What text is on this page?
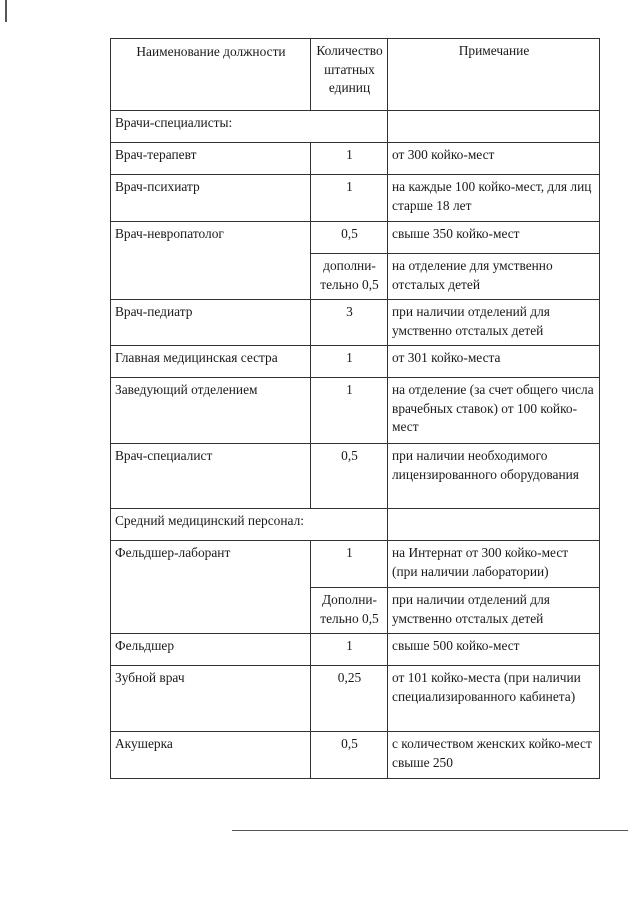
Наименование должности	Количество штатных единиц	Примечание
Врачи-специалисты:		
Врач-терапевт	1	от 300 койко-мест
Врач-психиатр	1	на каждые 100 койко-мест, для лиц старше 18 лет
Врач-невропатолог	0,5	свыше 350 койко-мест
	дополни-тельно 0,5	на отделение для умственно отсталых детей
Врач-педиатр	3	при наличии отделений для умственно отсталых детей
Главная медицинская сестра	1	от 301 койко-места
Заведующий отделением	1	на отделение (за счет общего числа врачебных ставок) от 100 койко-мест
Врач-специалист	0,5	при наличии необходимого лицензированного оборудования
Средний медицинский персонал:		
Фельдшер-лаборант	1	на Интернат от 300 койко-мест (при наличии лаборатории)
	Дополни-тельно 0,5	при наличии отделений для умственно отсталых детей
Фельдшер	1	свыше 500 койко-мест
Зубной врач	0,25	от 101 койко-места (при наличии специализированного кабинета)
Акушерка	0,5	с количеством женских койко-мест свыше 250
